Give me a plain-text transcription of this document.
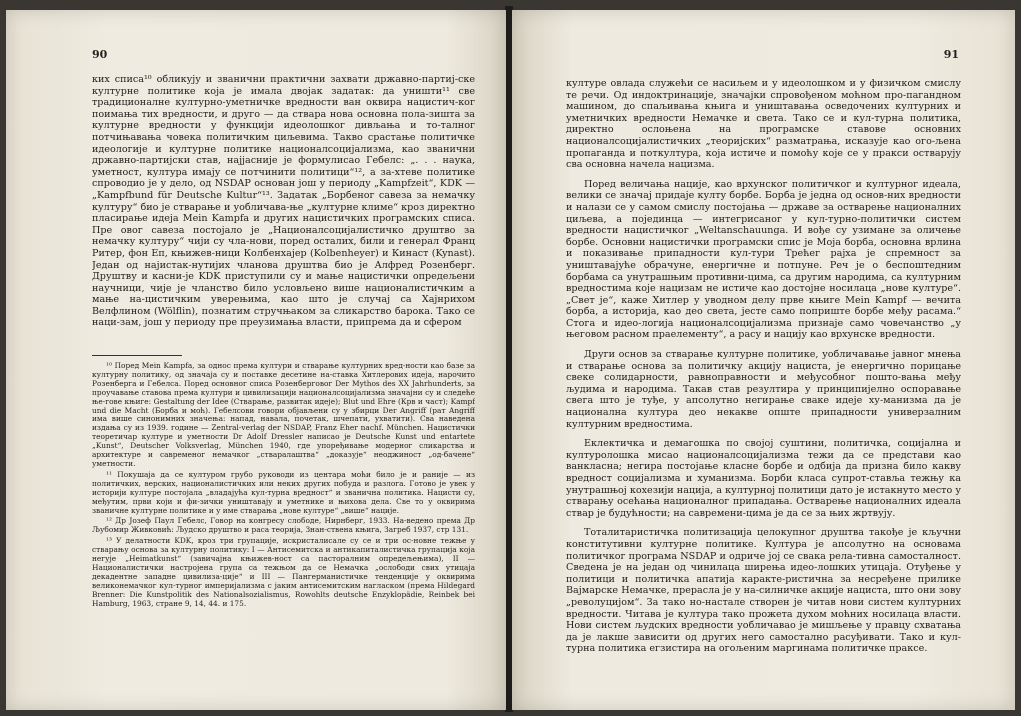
90

ких списа¹⁰ обликују и званични практични захвати државно-партиј-ске културне политике која је имала двојак задатак: да уништи¹¹ све традиционалне културно-уметничке вредности ван оквира нацистич-ког поимања тих вредности, и друго — да ствара нова основна пола-зишта за културне вредности у функцији идеолошког дивљања и то-талног потчињавања човека политичким циљевима. Такво срастање политичке идеологије и културне политике националсоцијализма, као званични државно-партијски став, најјасније је формулисао Гебелс: „. . . наука, уметност, култура имају се потчинити политици“¹², а за-хтеве политике спроводио је у дело, од NSDAP основан још у периоду „Kampfzeit“, KDK — „Kampfbund für Deutsche Kultur“¹³. Задатак „Борбеног савеза за немачку културу“ био је стварање и уобличава-ње „културне климе“ кроз директно пласирање идеја Mein Kampfa и других нацистичких програмских списа. Пре овог савеза постојало је „Националсоцијалистичко друштво за немачку културу“ чији су чла-нови, поред осталих, били и генерал Франц Ритер, фон Еп, књижев-ници Колбенхајер (Kolbenheyer) и Кинаст (Kynast). Један од најистак-нутијих чланова друштва био је Алфред Розенберг. Друштву и касни-је KDK приступили су и мање нацистички опредељени научници, чије је чланство било условљено више националистичким а мање на-цистичким уверењима, као што је случај са Хајнрихом Велфлином (Wölflin), познатим стручњаком за сликарство барока. Тако се наци-зам, још у периоду пре преузимања власти, припрема да и сфером

¹⁰ Поред Mein Kampfa, за однос према култури и стварање културних вред-ности као базе за културну политику, од значаја су и поставке десетине на-ставка Хитлерових идеја, нарочито Розенберга и Гебелса. Поред основног списа Розенберговог Der Mythos des XX Jahrhunderts, за проучавање ставова према култури и цивилизацији националсоцијализма значајни су и следеће ње-гове књиге: Gestaltung der Idee (Стварање, развитак идеје); Blut und Ehre (Крв и част); Kampf und die Macht (Борба и моћ). Гебелсови говори објављени су у збирци Der Angriff (рат Angriff има више синонимних значења: напад, навала, почетак, шчепати, ухватити). Сва наведена издања су из 1939. године — Zentral-verlag der NSDAP, Franz Eher nachf. München. Нацистички теоретичар културе и уметности Dr Adolf Dressler написао је Deutsche Kunst und entartete „Kunst“, Deutscher Volksverlag, München 1940, где упоређивање модерног сликарства и архитектуре и савременог немачког „стваралаштва“ „доказује“ неоджиност „од-бачене“ уметности.

¹¹ Покушаја да се културом грубо руководи из центара моћи било је и раније — из политичких, верских, националистичких или неких других побуда и разлога. Готово је увек у историји културе постојала „владајућа кул-турна вредност“ и званична политика. Нацисти су, међутим, први који и фи-зички уништавају и уметнике и њихова дела. Све то у оквирима званичне културне политике и у име стварања „нове културе“ „више“ нације.

¹² Др Јозеф Паул Гебелс, Говор на конгресу слободе, Нирнберг, 1933. На-ведено према Др Љубомир Живковић: Људско друштво и раса теорија, Знан-ствена књига, Загреб 1937, стр 131.

¹³ У делатности KDK, кроз три групације, искристалисале су се и три ос-новне тежње у стварању основа за културну политику: I — Антисемитска и антикапиталистичка групација која негује „Heimatkunst“ (завичајна књижев-ност са пасторалним опредељењима), II — Националистички настројена група са тежњом да се Немачка „ослободи свих утицаја декадентне западне цивилиза-ције“ и III — Пангерманистичке тенденције у оквирима великонемачког кул-турног империјализма с јаким антисемитским нагласком (према Hildegard Brenner: Die Kunstpolitik des Nationalsozialismus, Rowohlts deutsche Enzyklopädie, Reinbek bei Hamburg, 1963, стране 9, 14, 44. и 175.

91

културе овлада служећи се насиљем и у идеолошком и у физичком смислу те речи. Од индоктринације, значајки спровођеном моћном про-пагандном машином, до спаљивања књига и уништавања осведочених културних и уметничких вредности Немачке и света. Тако се и кул-турна политика, директно ослоњена на програмске ставове основних националсоцијалистичких „теоријских“ разматрања, исказује као ого-љена пропаганда и поткултура, која истиче и помоћу које се у пракси остварују сва основна начела нацизма.

Поред величања нације, као врхунског политичког и културног идеала, велики се значај придаје култу борбе. Борба је једна од основ-них вредности и налази се у самом смислу постојања — државе за остварење националних циљева, а појединца — интегрисаног у кул-турно-политички систем вредности нацистичког „Weltanschauunga. И вође су узимане за оличење борбе. Основни нацистички програмски спис је Моја борба, основна врлина и показивање припадности кул-тури Трећег рајха је спремност за уништавајуће обрачуне, енергичне и потпуне. Реч је о беспоштедним борбама са унутрашњим противни-цима, са другим народима, са културним вредностима које нацизам не истиче као достојне носилаца „нове културе“. „Свет је“, каже Хитлер у уводном делу прве књиге Mein Kampf — вечита борба, а историја, као део света, јесте само поприште борбе међу расама.“ Стога и идео-логија националсоцијализма признаје само човечанство „у његовом расном праелементу“, а расу и нацију као врхунске вредности.

Други основ за стварање културне политике, уобличавање јавног мнења и стварање основа за политичку акцију нациста, је енергично порицање свеке солидарности, равноправности и међусобног пошто-вања међу људима и народима. Такав став резултира у принципијелно оспоравање свега што је туђе, у апсолутно негирање сваке идеје ху-манизма да је национална култура део некакве опште припадности универзалним културним вредностима.

Еклектичка и демагошка по својој суштини, политичка, социјална и културолошка мисао националсоцијализма тежи да се представи као ванкласна; негира постојање класне борбе и одбија да призна било какву вредност социјализма и хуманизма. Борби класа супрот-стављa тежњу ка унутрашњој кохезији нација, а културној политици дато је истакнуто место у стварању осећања националног припадања. Остварење националних идеала ствар је будућности; на савремени-цима је да се за њих жртвују.

Тоталитаристичка политизација целокупног друштва такође је кључни конститутивни културне политике. Култура је апсолутно на основама политичког програма NSDAP и одриче јој се свака рела-тивна самосталност. Сведена је на један од чинилаца ширења идео-лошких утицаја. Отуђење у политици и политичка апатија карактe-ристична за несређене прилике Вајмарске Немачке, прерасла је у на-силничке акције нациста, што они зову „револуцијом“. За тако но-настале створен је читав нови систем културних вредности. Читава је култура тако прожета духом моћних носилаца власти. Нови систем људских вредности уобличавао је мишљење у правцу схватања да је лакше зависити од других него самостално расуђивати. Тако и кул-турна политика егзистира на огољеним маргинама политичке праксе.
